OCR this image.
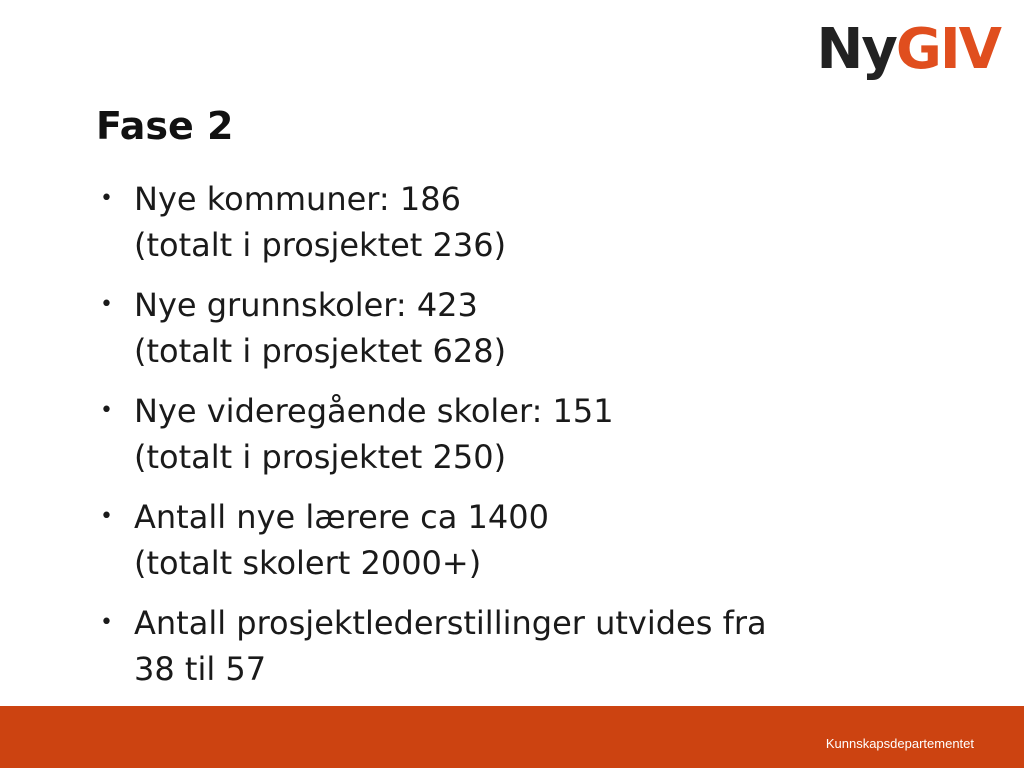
NyGIV
Fase 2
• Nye kommuner: 186
(totalt i prosjektet 236)
• Nye grunnskoler: 423
(totalt i prosjektet 628)
• Nye videregående skoler: 151
(totalt i prosjektet 250)
• Antall nye lærere ca 1400
(totalt skolert 2000+)
• Antall prosjektlederstillinger utvides fra
38 til 57
Kunnskapsdepartementet
